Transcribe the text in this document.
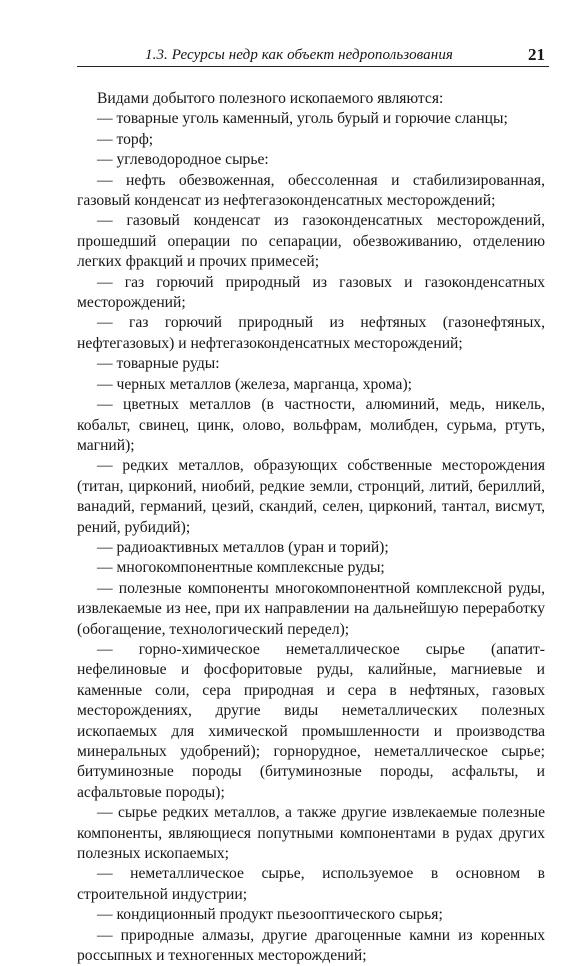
1.3. Ресурсы недр как объект недропользования	21

Видами добытого полезного ископаемого являются:

— товарные уголь каменный, уголь бурый и горючие сланцы;

— торф;

— углеводородное сырье:

— нефть обезвоженная, обессоленная и стабилизированная, газовый конденсат из нефтегазоконденсатных месторождений;

— газовый конденсат из газоконденсатных месторождений, прошедший операции по сепарации, обезвоживанию, отделению легких фракций и прочих примесей;

— газ горючий природный из газовых и газоконденсатных месторождений;

— газ горючий природный из нефтяных (газонефтяных, нефтегазовых) и нефтегазоконденсатных месторождений;

— товарные руды:

— черных металлов (железа, марганца, хрома);

— цветных металлов (в частности, алюминий, медь, никель, кобальт, свинец, цинк, олово, вольфрам, молибден, сурьма, ртуть, магний);

— редких металлов, образующих собственные месторождения (титан, цирконий, ниобий, редкие земли, стронций, литий, бериллий, ванадий, германий, цезий, скандий, селен, цирконий, тантал, висмут, рений, рубидий);

— радиоактивных металлов (уран и торий);

— многокомпонентные комплексные руды;

— полезные компоненты многокомпонентной комплексной руды, извлекаемые из нее, при их направлении на дальнейшую переработку (обогащение, технологический передел);

— горно-химическое неметаллическое сырье (апатит-нефелиновые и фосфоритовые руды, калийные, магниевые и каменные соли, сера природная и сера в нефтяных, газовых месторождениях, другие виды неметаллических полезных ископаемых для химической промышленности и производства минеральных удобрений); горнорудное, неметаллическое сырье; битуминозные породы (битуминозные породы, асфальты, и асфальтовые породы);

— сырье редких металлов, а также другие извлекаемые полезные компоненты, являющиеся попутными компонентами в рудах других полезных ископаемых;

— неметаллическое сырье, используемое в основном в строительной индустрии;

— кондиционный продукт пьезооптического сырья;

— природные алмазы, другие драгоценные камни из коренных россыпных и техногенных месторождений;
